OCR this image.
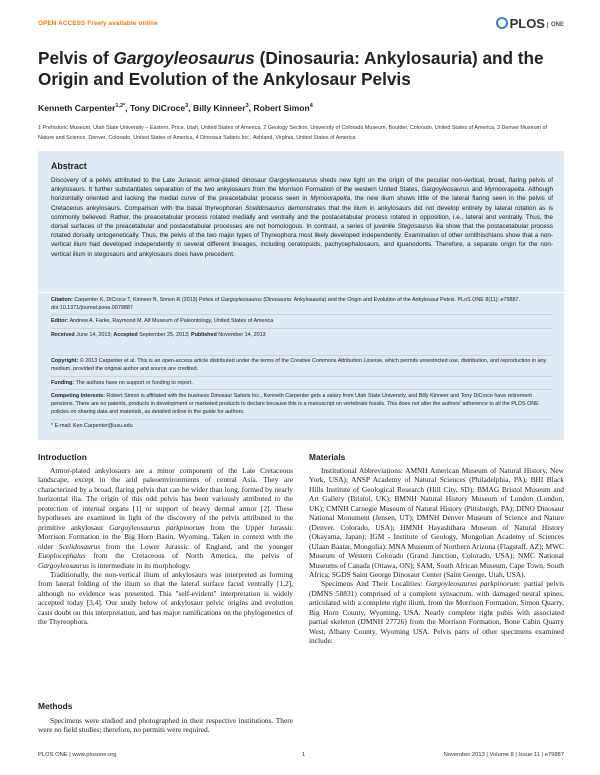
OPEN ACCESS Freely available online	PLOS ONE
Pelvis of Gargoyleosaurus (Dinosauria: Ankylosauria) and the Origin and Evolution of the Ankylosaur Pelvis
Kenneth Carpenter$^{1,2*}$, Tony DiCroce$^3$, Billy Kinneer$^3$, Robert Simon$^4$
1 Prehistoric Museum, Utah State University – Eastern, Price, Utah, United States of America, 2 Geology Section, University of Colorado Museum, Boulder, Colorado, United States of America, 3 Denver Museum of Nature and Science, Denver, Colorado, United States of America, 4 Dinosaur Safaris Inc., Ashland, Virginia, United States of America
Abstract
Discovery of a pelvis attributed to the Late Jurassic armor-plated dinosaur Gargoyleosaurus sheds new light on the origin of the peculiar non-vertical, broad, flaring pelvis of ankylosaurs. It further substantiates separation of the two ankylosaurs from the Morrison Formation of the western United States, Gargoyleosaurus and Mymoorapelta. Although horizontally oriented and lacking the medial curve of the preacetabular process seen in Mymoorapelta, the new ilium shows little of the lateral flaring seen in the pelvis of Cretaceous ankylosaurs. Comparison with the basal thyreophoran Scelidosaurus demonstrates that the ilium in ankylosaurs did not develop entirely by lateral rotation as is commonly believed. Rather, the preacetabular process rotated medially and ventrally and the postacetabular process rotated in opposition, i.e., lateral and ventrally. Thus, the dorsal surfaces of the preacetabular and postacetabular processes are not homologous. In contrast, a series of juvenile Stegosaurus ilia show that the postacetabular process rotated dorsally ontogenetically. Thus, the pelvis of the two major types of Thyreophora most likely developed independently. Examination of other ornithischians show that a non-vertical ilium had developed independently in several different lineages, including ceratopsids, pachycephalosaurs, and iguanodonts. Therefore, a separate origin for the non-vertical ilium in stegosaurs and ankylosaurs does have precedent.
Citation: Carpenter K, DiCroce T, Kinneer B, Simon R (2013) Pelvis of Gargoyleosaurus (Dinosauria: Ankylosauria) and the Origin and Evolution of the Ankylosaur Pelvis. PLoS ONE 8(11): e79887. doi:10.1371/journal.pone.0079887
Editor: Andrew A. Farke, Raymond M. Alf Museum of Paleontology, United States of America
Received June 14, 2013; Accepted September 25, 2013; Published November 14, 2013
Introduction

Armor-plated ankylosaurs are a minor component of the Late Cretaceous landscape, except in the arid paleoenvironments of central Asia. They are characterized by a broad, flaring pelvis that can be wider than long, formed by nearly horizontal ilia. The origin of this odd pelvis has been variously attributed to the protection of internal organs [1] or support of heavy dermal armor [2]. These hypotheses are examined in light of the discovery of the pelvis attributed to the primitive ankylosaur Gargoyleosaurus parkpinorum from the Upper Jurassic Morrison Formation in the Big Horn Basin, Wyoming. Taken in context with the older Scelidosaurus from the Lower Jurassic of England, and the younger Euoplocephalus from the Cretaceous of North America, the pelvis of Gargoyleosaurus is intermediate in its morphology.

Traditionally, the non-vertical ilium of ankylosaurs was interpreted as forming from lateral folding of the ilium so that the lateral surface faced ventrally [1,2], although no evidence was presented. This "self-evident" interpretation is widely accepted today [3,4]. Our study below of ankylosaur pelvic origins and evolution casts doubt on this interpretation, and has major ramifications on the phylogenetics of the Thyreophora.

Methods

Specimens were studied and photographed in their respective institutions. There were no field studies; therefore, no permits were required.

Materials

Institutional Abbreviations: AMNH American Museum of Natural History, New York, USA); ANSP Academy of Natural Sciences (Philadelphia, PA); BHI Black Hills Institute of Geological Research (Hill City, SD); BMAG Bristol Museum and Art Gallery (Bristol, UK); BMNH Natural History Museum of London (London, UK); CMNH Carnegie Museum of Natural History (Pittsburgh, PA); DINO Dinosaur National Monument (Jensen, UT); DMNH Denver Museum of Science and Nature (Denver, Colorado, USA); HMNH Hayashibara Museum of Natural History (Okayama, Japan); IGM - Institute of Geology, Mongolian Academy of Sciences (Ulaan Baatar, Mongolia). MNA Museum of Northern Arizona (Flagstaff, AZ); MWC Museum of Western Colorado (Grand Junction, Colorado, USA); NMC National Museums of Canada (Ottawa, ON); SAM, South African Museum, Cape Town, South Africa; SGDS Saint George Dinosaur Center (Saint George, Utah, USA).

Specimens And Their Localities: Gargoyleosaurus parkpinorum: partial pelvis (DMNS 58831) comprised of a complete synsacrum, with damaged neural spines, articulated with a complete right ilium, from the Morrison Formation, Simon Quarry, Big Horn County, Wyoming, USA. Nearly complete right pubis with associated partial skeleton (DMNH 27726) from the Morrison Formation, Bone Cabin Quarry West, Albany County, Wyoming USA. Pelvis parts of other specimens examined include:

PLOS ONE | www.plosone.org	1	November 2013 | Volume 8 | Issue 11 | e79887
Copyright: © 2013 Carpenter et al. This is an open-access article distributed under the terms of the Creative Commons Attribution License, which permits unrestricted use, distribution, and reproduction in any medium, provided the original author and source are credited.
Funding: The authors have no support or funding to report.
Competing Interests: Robert Simon is affiliated with the business Dinosaur Safaris Inc., Kenneth Carpenter gets a salary from Utah State University, and Billy Kinneer and Tony DiCroce have retirement pensions. There are no patents, products in development or marketed products to declare because this is a manuscript on vertebrate fossils. This does not alter the authors' adherence to all the PLOS ONE policies on sharing data and materials, as detailed online in the guide for authors.
* E-mail: Ken.Carpenter@usu.edu
